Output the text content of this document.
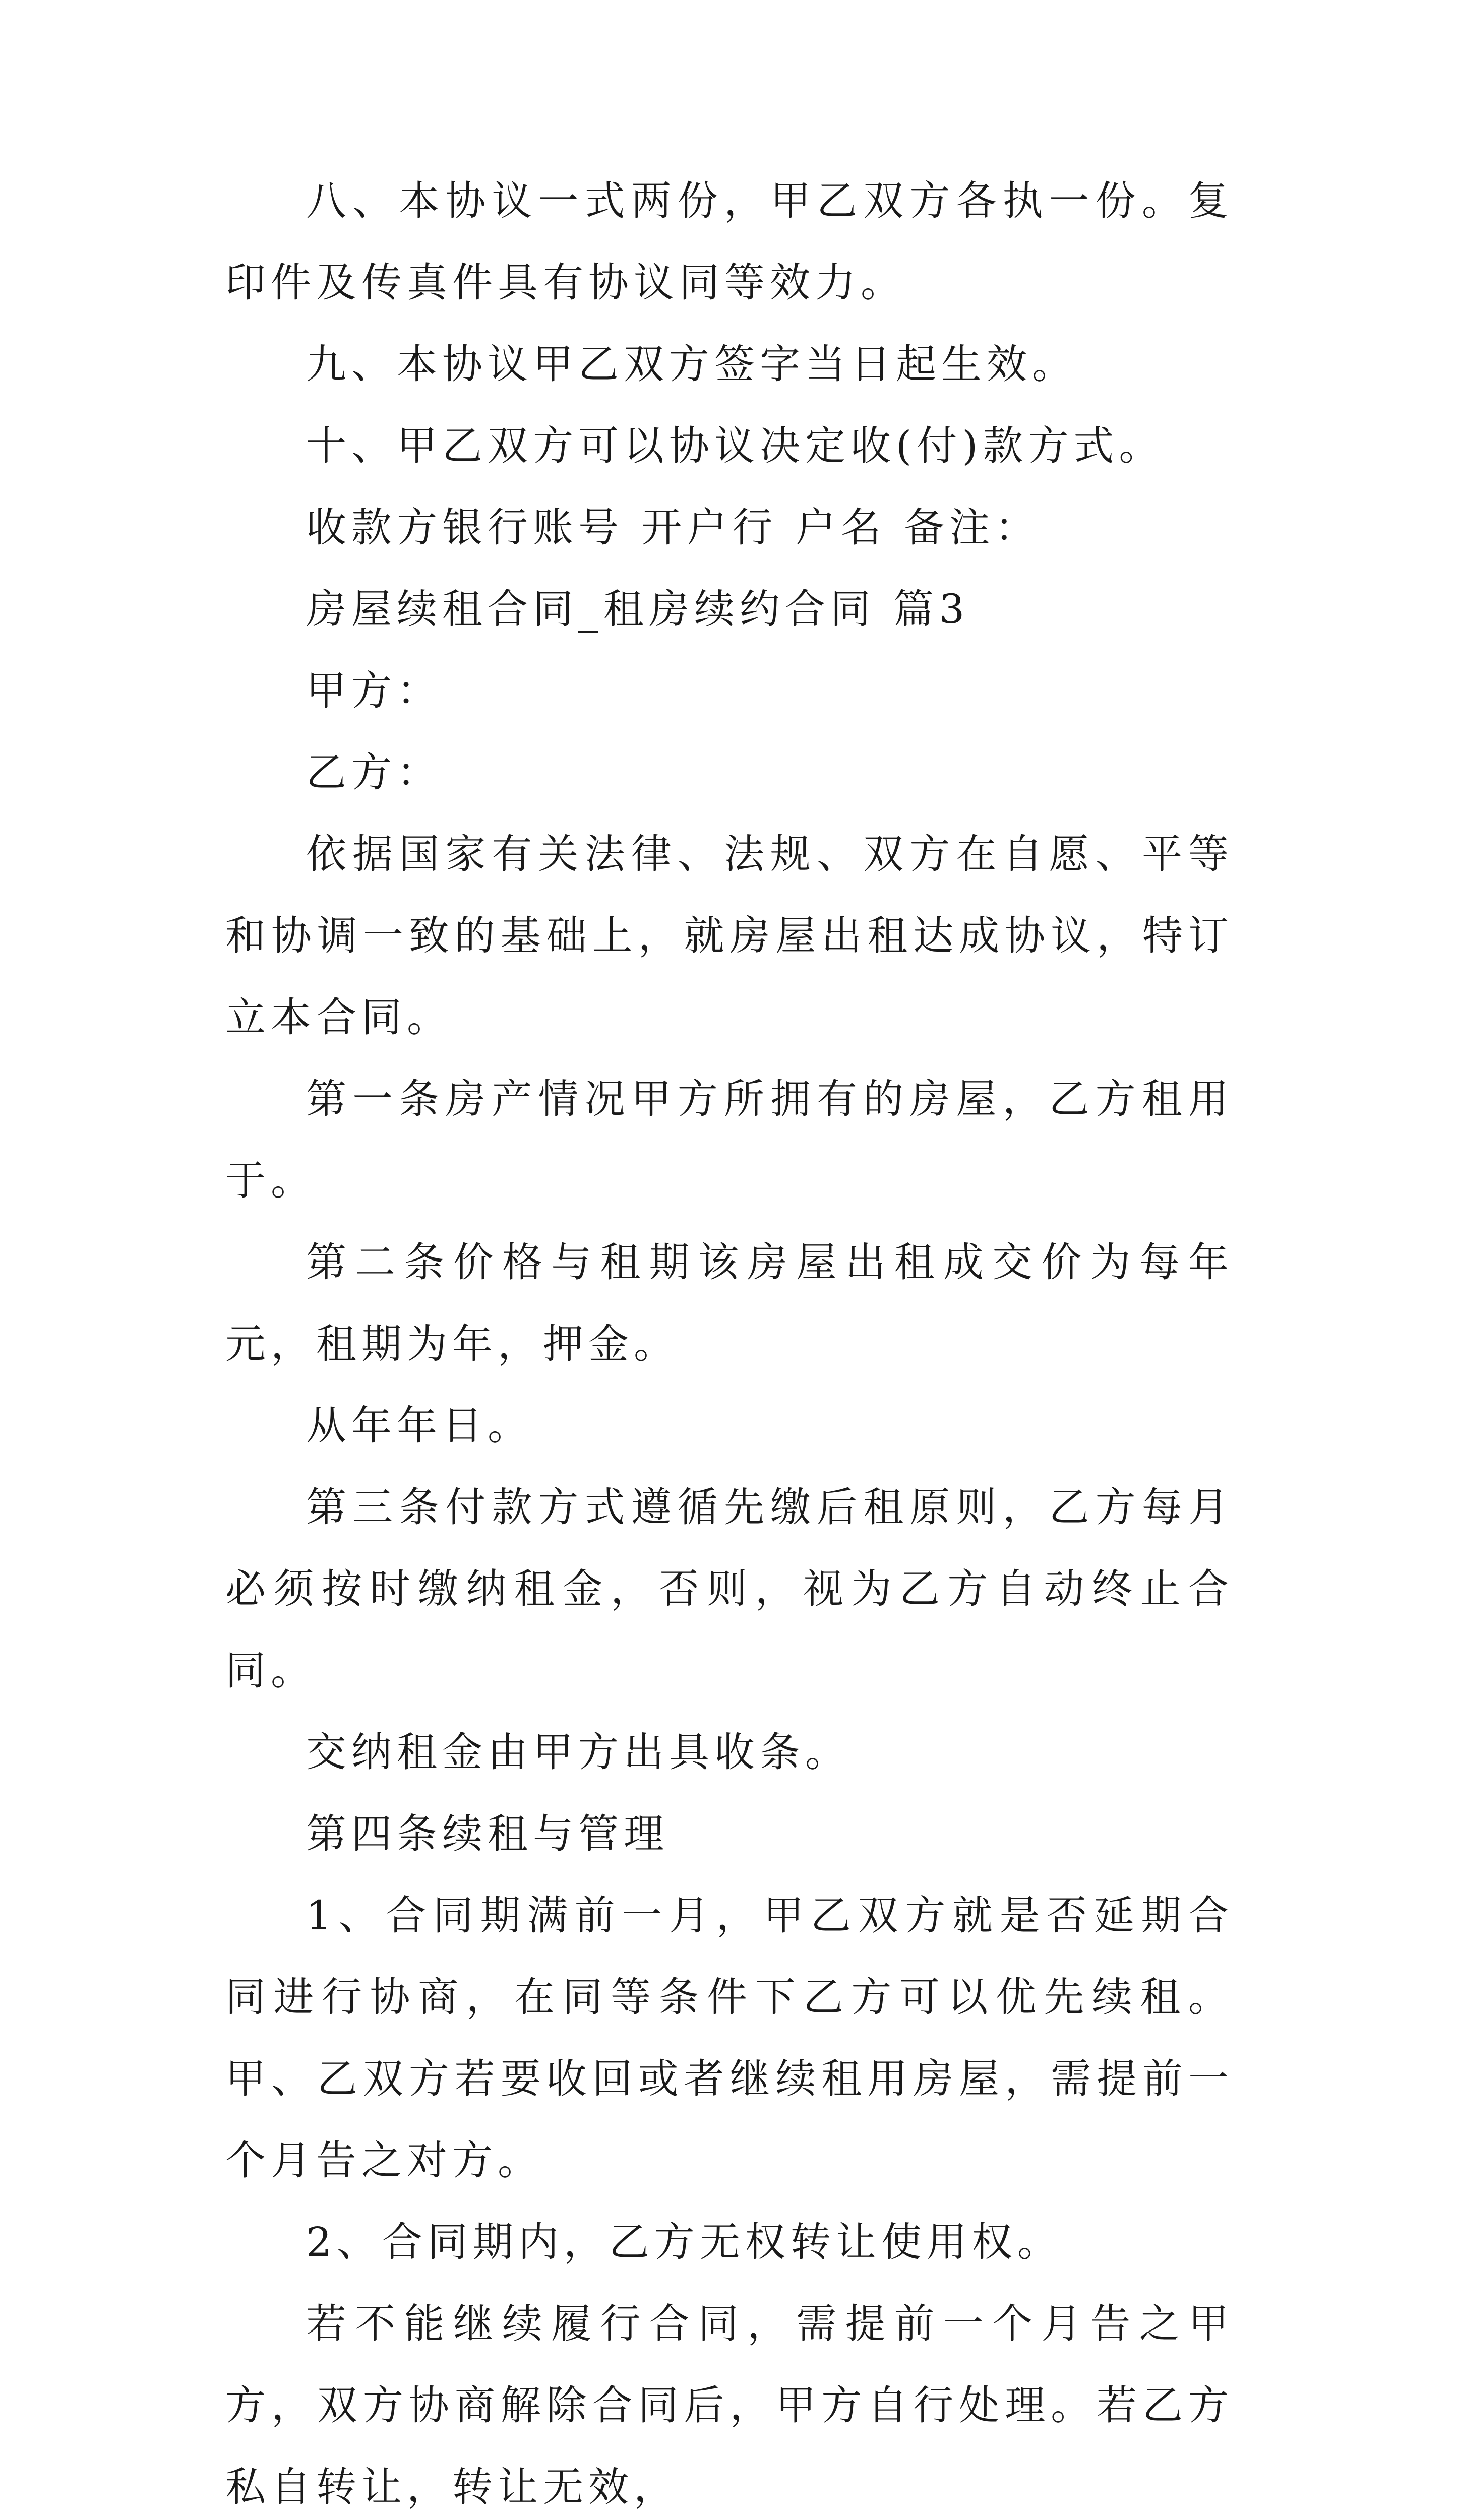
八、本协议一式两份，甲乙双方各执一份。复印件及传真件具有协议同等效力。

九、本协议甲乙双方签字当日起生效。

十、甲乙双方可以协议决定收(付)款方式。

收款方银行账号 开户行 户名 备注：

房屋续租合同_租房续约合同 篇3

甲方：

乙方：

依据国家有关法律、法规、双方在自愿、平等和协调一致的基础上，就房屋出租达成协议，特订立本合同。

第一条房产情况甲方所拥有的房屋，乙方租用于。

第二条价格与租期该房屋出租成交价为每年元，租期为年，押金。

从年年日。

第三条付款方式遵循先缴后租原则，乙方每月必须按时缴纳租金，否则，视为乙方自动终止合同。

交纳租金由甲方出具收条。

第四条续租与管理

1、合同期满前一月，甲乙双方就是否延期合同进行协商，在同等条件下乙方可以优先续租。甲、乙双方若要收回或者继续租用房屋，需提前一个月告之对方。

2、合同期内，乙方无权转让使用权。

若不能继续履行合同，需提前一个月告之甲方，双方协商解除合同后，甲方自行处理。若乙方私自转让，转让无效，
